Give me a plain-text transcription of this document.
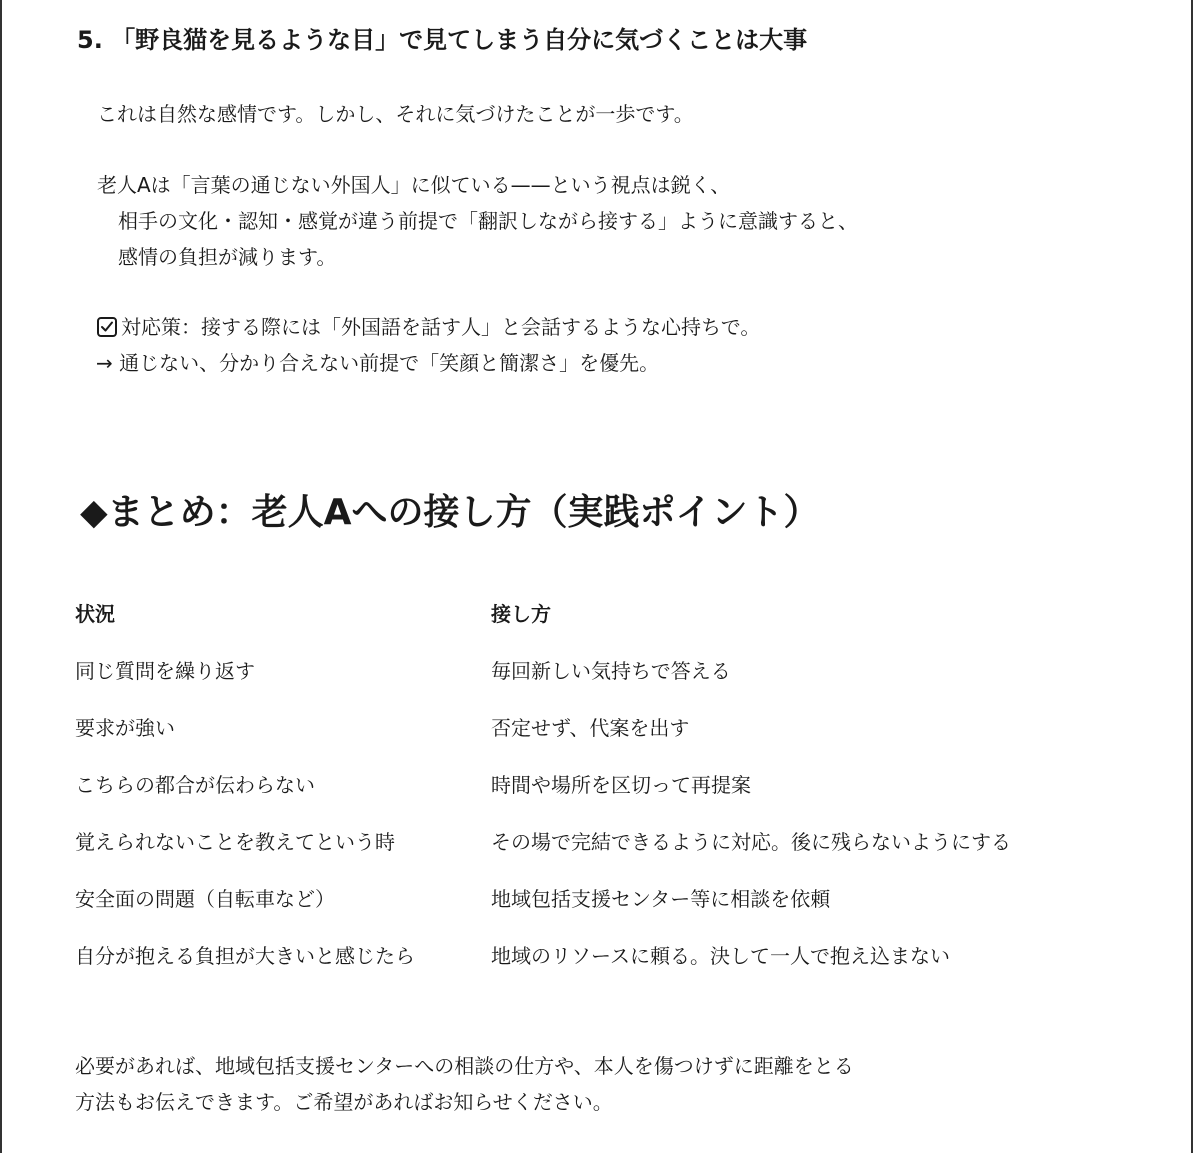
5. 「野良猫を見るような目」で見てしまう自分に気づくことは大事

これは自然な感情です。しかし、それに気づけたことが一歩です。

老人Aは「言葉の通じない外国人」に似ている——という視点は鋭く、
相手の文化・認知・感覚が違う前提で「翻訳しながら接する」ように意識すると、
感情の負担が減ります。

対応策：接する際には「外国語を話す人」と会話するような心持ちで。
→ 通じない、分かり合えない前提で「笑顔と簡潔さ」を優先。

◆まとめ：老人Aへの接し方（実践ポイント）
状況	接し方
同じ質問を繰り返す	毎回新しい気持ちで答える
要求が強い	否定せず、代案を出す
こちらの都合が伝わらない	時間や場所を区切って再提案
覚えられないことを教えてという時	その場で完結できるように対応。後に残らないようにする
安全面の問題（自転車など）	地域包括支援センター等に相談を依頼
自分が抱える負担が大きいと感じたら	地域のリソースに頼る。決して一人で抱え込まない

必要があれば、地域包括支援センターへの相談の仕方や、本人を傷つけずに距離をとる
方法もお伝えできます。ご希望があればお知らせください。
